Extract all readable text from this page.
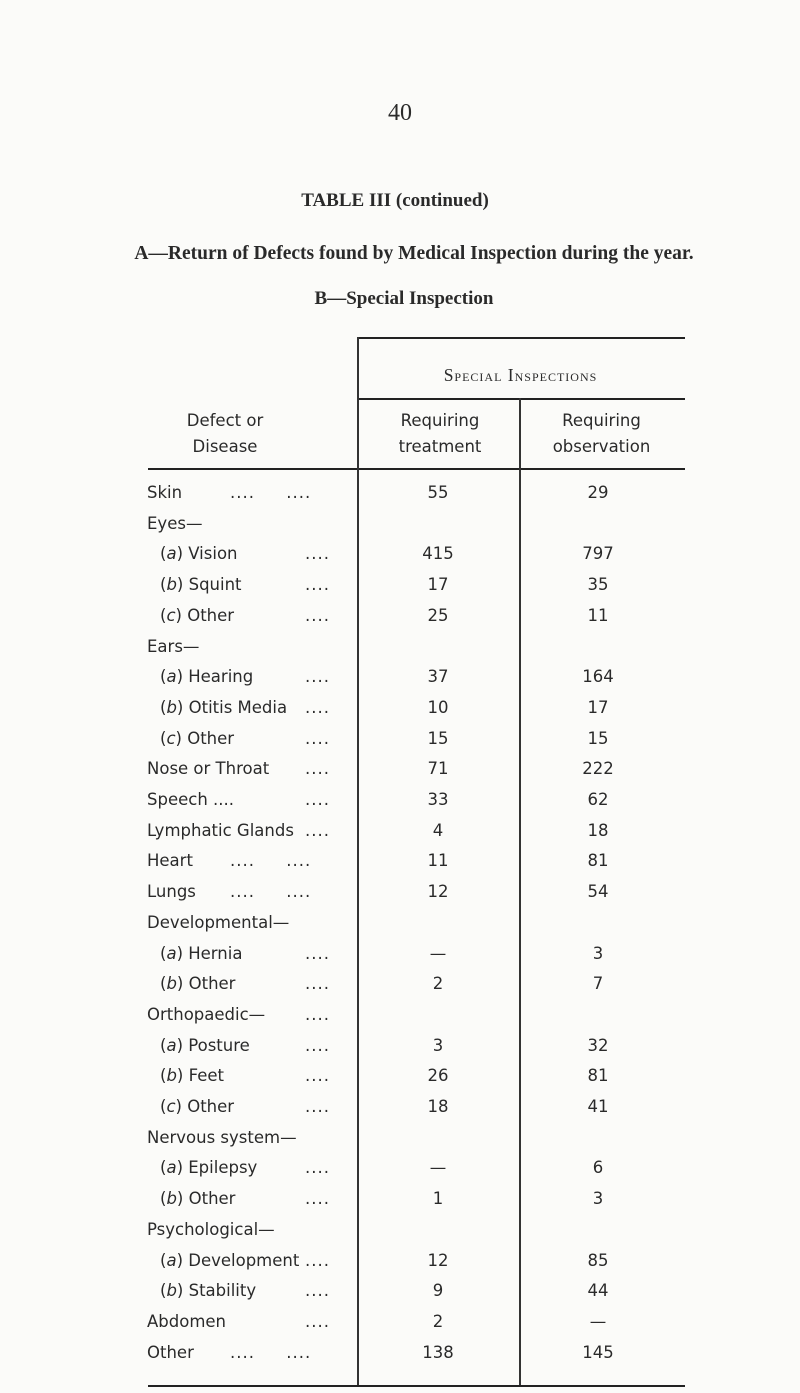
40
TABLE III (continued)
A—Return of Defects found by Medical Inspection during the year.
B—Special Inspection
Special Inspections
Defect or
Disease
Requiring
treatment
Requiring
observation
Skin	....     ....	55	29
Eyes—
(a) Vision	....	415	797
(b) Squint	....	17	35
(c) Other	....	25	11
Ears—
(a) Hearing	....	37	164
(b) Otitis Media ....	10	17
(c) Other	....	15	15
Nose or Throat ....	71	222
Speech ....	....	33	62
Lymphatic Glands ....	4	18
Heart ....     ....	11	81
Lungs ....     ....	12	54
Developmental—
(a) Hernia	....	—	3
(b) Other	....	2	7
Orthopaedic— ....
(a) Posture	....	3	32
(b) Feet	....	26	81
(c) Other	....	18	41
Nervous system—
(a) Epilepsy	....	—	6
(b) Other	....	1	3
Psychological—
(a) Development ....	12	85
(b) Stability	....	9	44
Abdomen	....	2	—
Other ....     ....	138	145
